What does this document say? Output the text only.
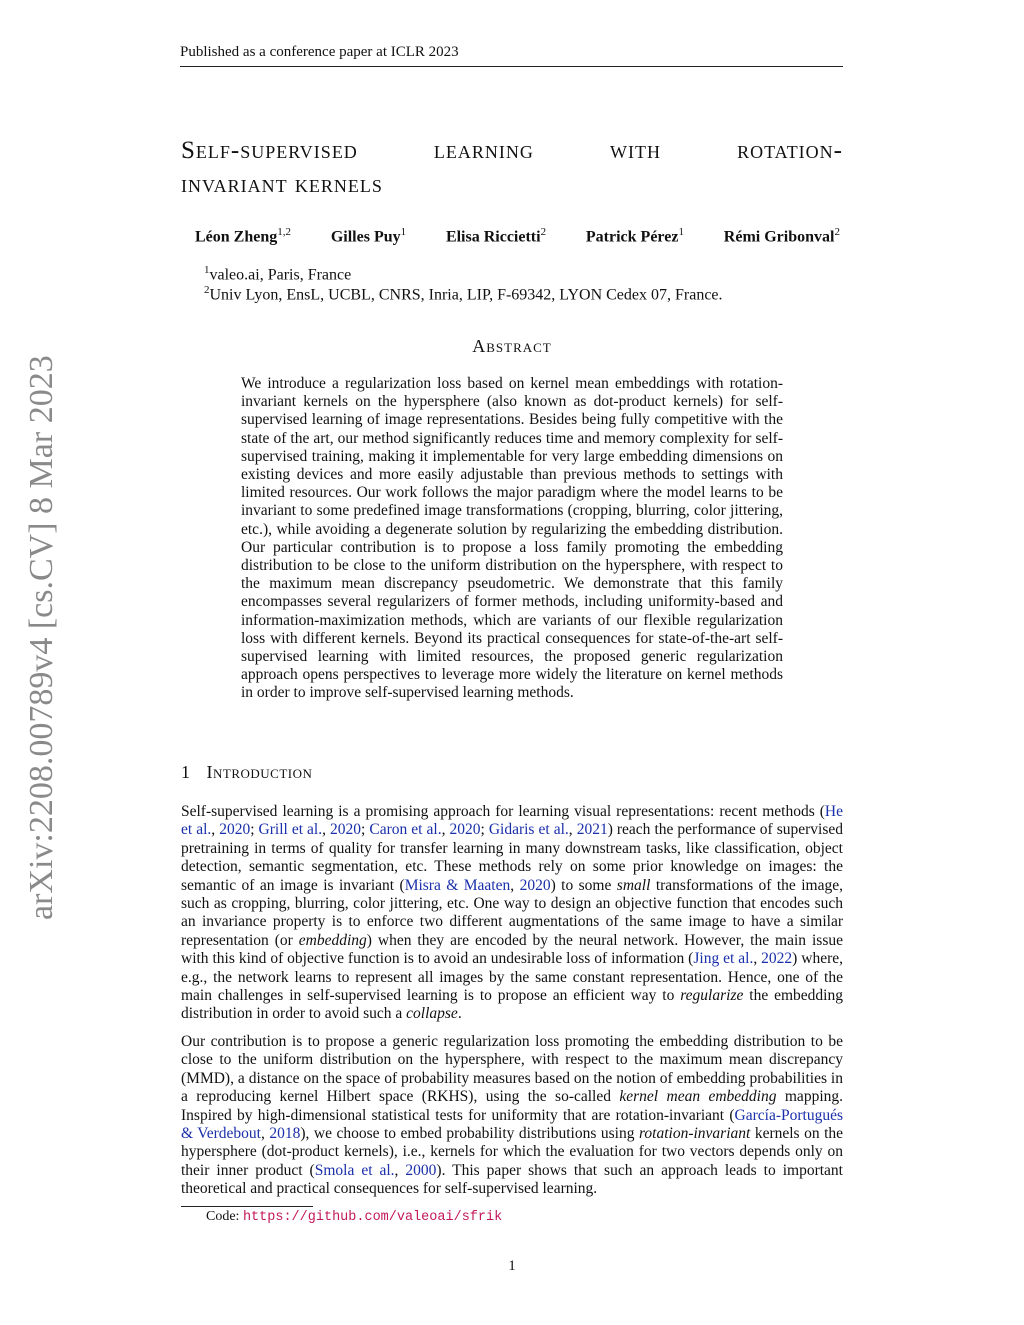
Published as a conference paper at ICLR 2023
Self-supervised	learning	with	rotation-
invariant kernels
Léon Zheng$^{1,2}$ Gilles Puy$^1$ Elisa Riccietti$^2$ Patrick Pérez$^1$ Rémi Gribonval$^2$
$^1$valeo.ai, Paris, France
$^2$Univ Lyon, EnsL, UCBL, CNRS, Inria, LIP, F-69342, LYON Cedex 07, France.
Abstract
We introduce a regularization loss based on kernel mean embeddings with rotation-invariant kernels on the hypersphere (also known as dot-product kernels) for self-supervised learning of image representations. Besides being fully competitive with the state of the art, our method significantly reduces time and memory complexity for self-supervised training, making it implementable for very large embedding dimensions on existing devices and more easily adjustable than previous methods to settings with limited resources. Our work follows the major paradigm where the model learns to be invariant to some predefined image transformations (cropping, blurring, color jittering, etc.), while avoiding a degenerate solution by regularizing the embedding distribution. Our particular contribution is to propose a loss family promoting the embedding distribution to be close to the uniform distribution on the hypersphere, with respect to the maximum mean discrepancy pseudometric. We demonstrate that this family encompasses several regularizers of former methods, including uniformity-based and information-maximization methods, which are variants of our flexible regularization loss with different kernels. Beyond its practical consequences for state-of-the-art self-supervised learning with limited resources, the proposed generic regularization approach opens perspectives to leverage more widely the literature on kernel methods in order to improve self-supervised learning methods.
1 Introduction
Self-supervised learning is a promising approach for learning visual representations: recent methods (He et al., 2020; Grill et al., 2020; Caron et al., 2020; Gidaris et al., 2021) reach the performance of supervised pretraining in terms of quality for transfer learning in many downstream tasks, like classification, object detection, semantic segmentation, etc. These methods rely on some prior knowledge on images: the semantic of an image is invariant (Misra & Maaten, 2020) to some small transformations of the image, such as cropping, blurring, color jittering, etc. One way to design an objective function that encodes such an invariance property is to enforce two different augmentations of the same image to have a similar representation (or embedding) when they are encoded by the neural network. However, the main issue with this kind of objective function is to avoid an undesirable loss of information (Jing et al., 2022) where, e.g., the network learns to represent all images by the same constant representation. Hence, one of the main challenges in self-supervised learning is to propose an efficient way to regularize the embedding distribution in order to avoid such a collapse.
Our contribution is to propose a generic regularization loss promoting the embedding distribution to be close to the uniform distribution on the hypersphere, with respect to the maximum mean discrepancy (MMD), a distance on the space of probability measures based on the notion of embedding probabilities in a reproducing kernel Hilbert space (RKHS), using the so-called kernel mean embedding mapping. Inspired by high-dimensional statistical tests for uniformity that are rotation-invariant (García-Portugués & Verdebout, 2018), we choose to embed probability distributions using rotation-invariant kernels on the hypersphere (dot-product kernels), i.e., kernels for which the evaluation for two vectors depends only on their inner product (Smola et al., 2000). This paper shows that such an approach leads to important theoretical and practical consequences for self-supervised learning.
Code: https://github.com/valeoai/sfrik
1
arXiv:2208.00789v4 [cs.CV] 8 Mar 2023
